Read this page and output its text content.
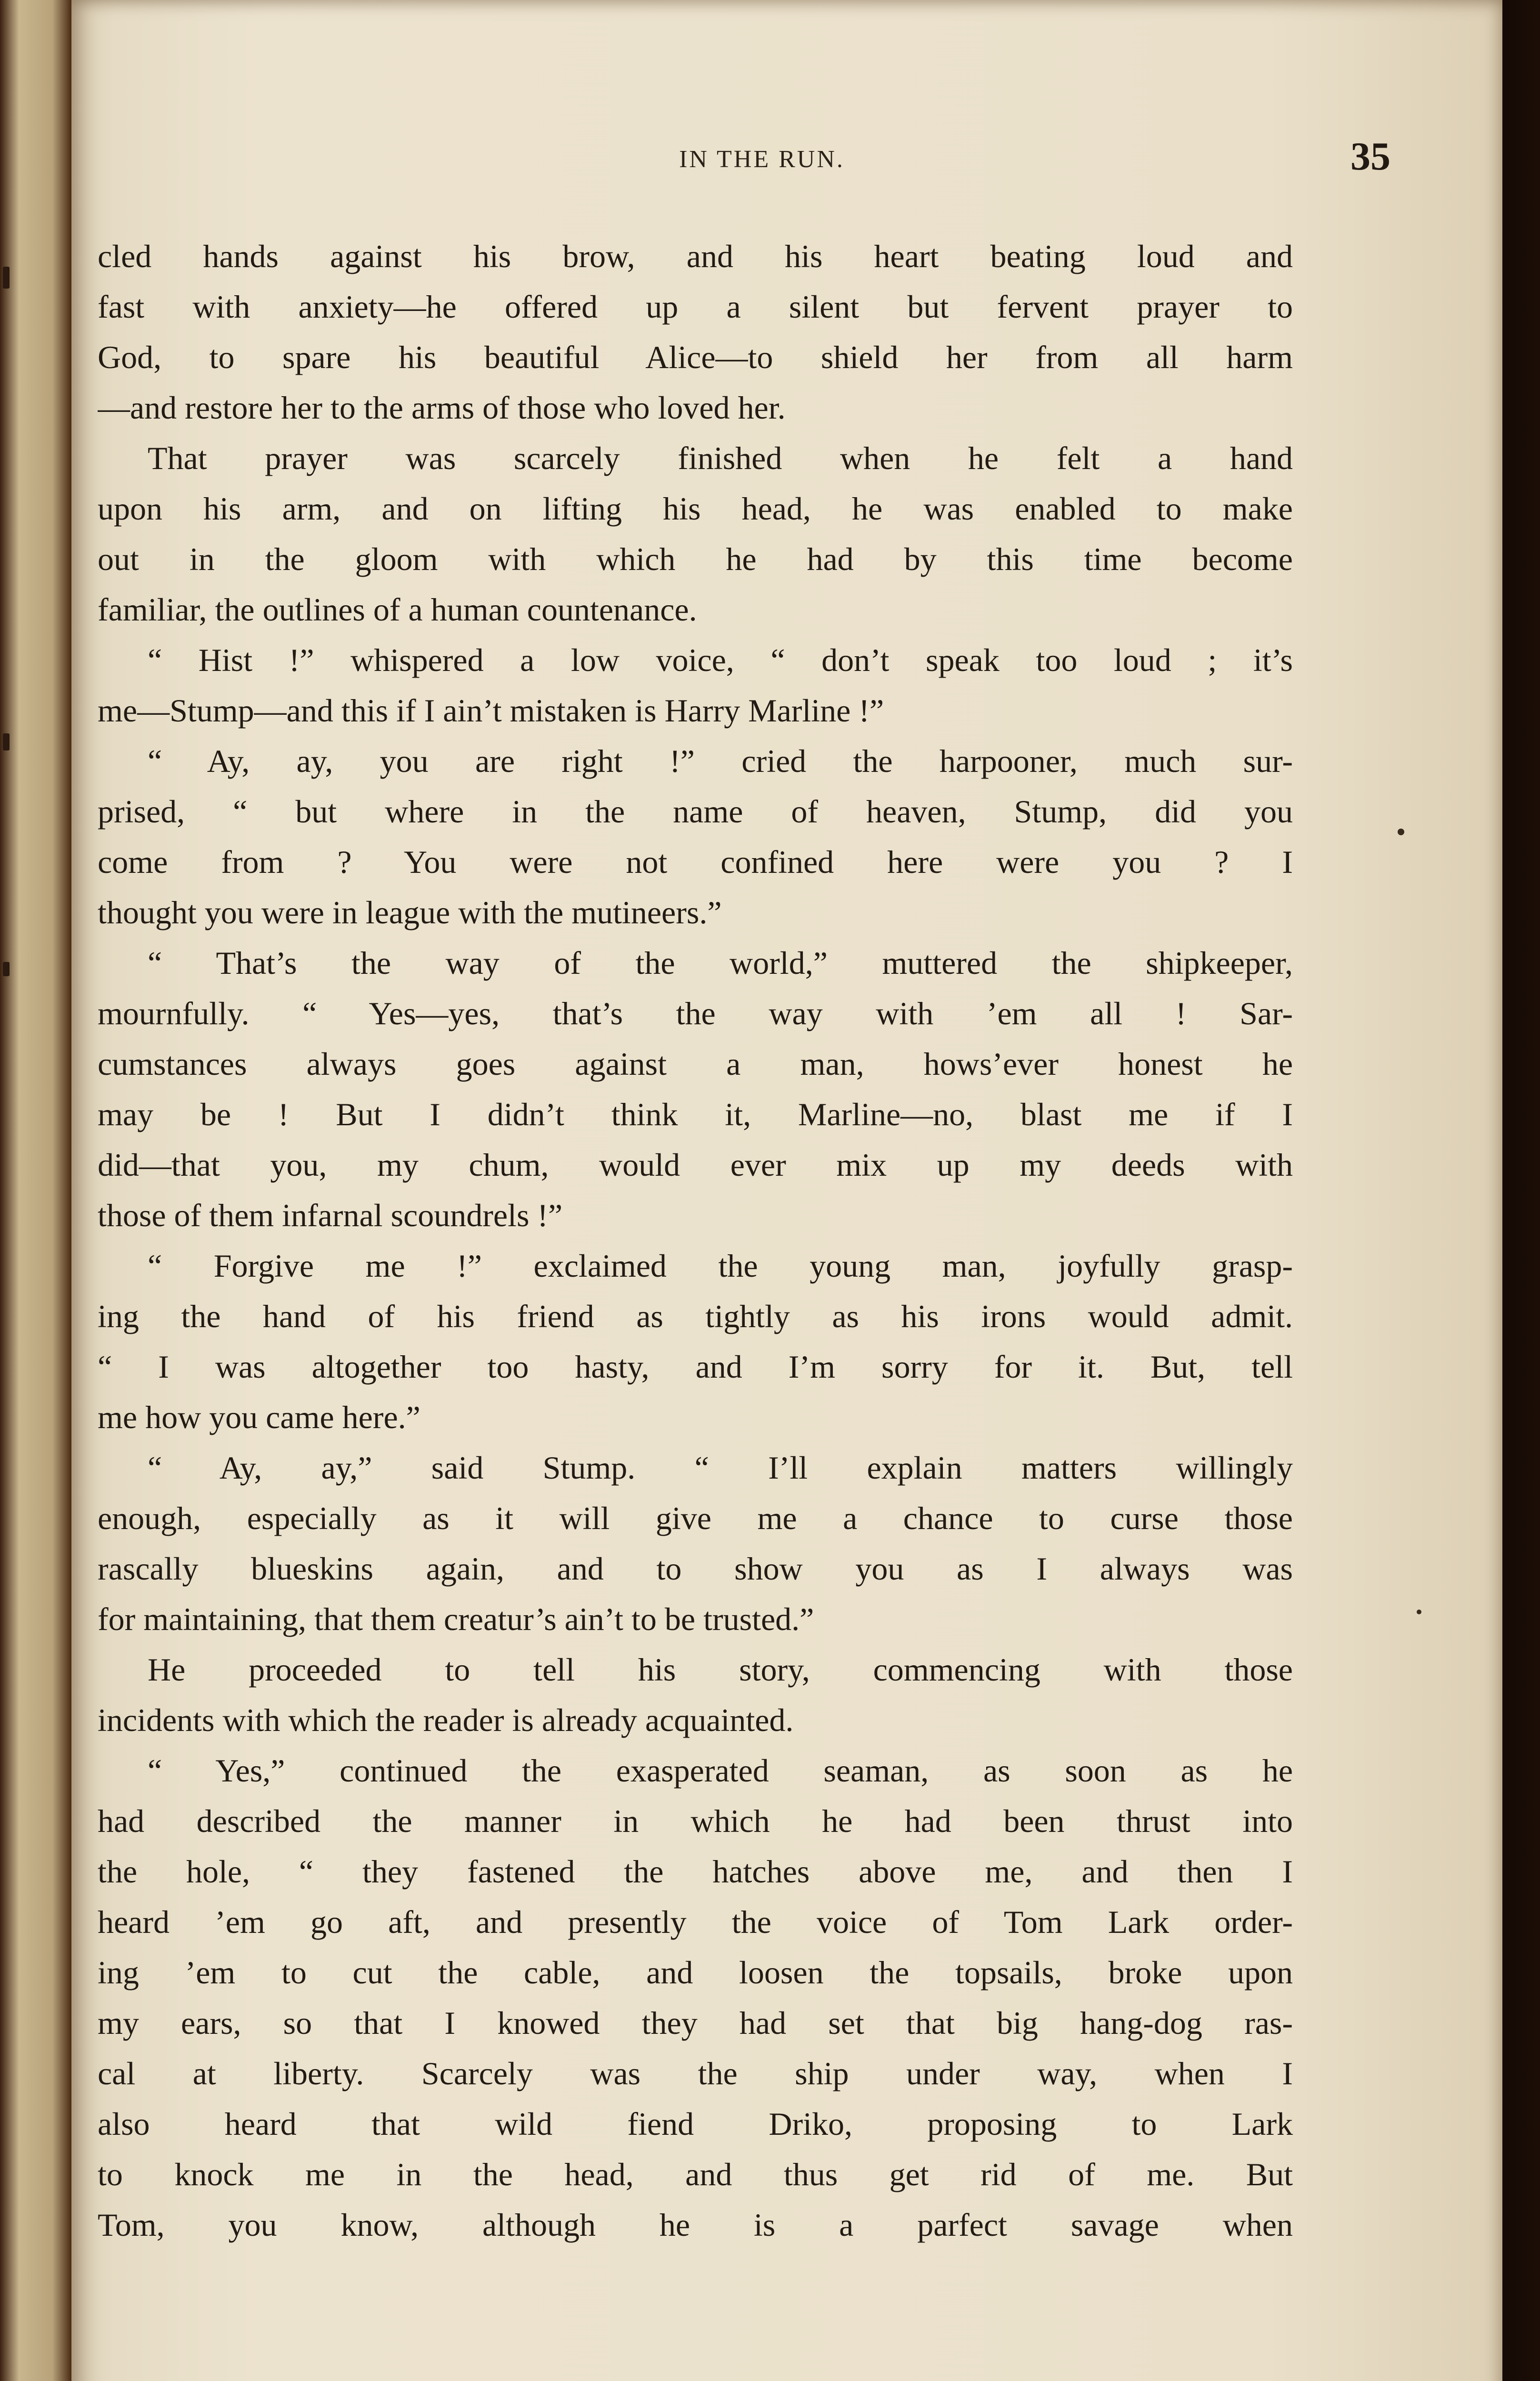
IN THE RUN.	35
cled hands against his brow, and his heart beating loud and
fast with anxiety—he offered up a silent but fervent prayer to
God, to spare his beautiful Alice—to shield her from all harm
—and restore her to the arms of those who loved her.
That prayer was scarcely finished when he felt a hand
upon his arm, and on lifting his head, he was enabled to make
out in the gloom with which he had by this time become
familiar, the outlines of a human countenance.
“ Hist !” whispered a low voice, “ don’t speak too loud ; it’s
me—Stump—and this if I ain’t mistaken is Harry Marline !”
“ Ay, ay, you are right !” cried the harpooner, much sur-
prised, “ but where in the name of heaven, Stump, did you
come from ? You were not confined here were you ? I
thought you were in league with the mutineers.”
“ That’s the way of the world,” muttered the shipkeeper,
mournfully. “ Yes—yes, that’s the way with ’em all ! Sar-
cumstances always goes against a man, hows’ever honest he
may be ! But I didn’t think it, Marline—no, blast me if I
did—that you, my chum, would ever mix up my deeds with
those of them infarnal scoundrels !”
“ Forgive me !” exclaimed the young man, joyfully grasp-
ing the hand of his friend as tightly as his irons would admit.
“ I was altogether too hasty, and I’m sorry for it. But, tell
me how you came here.”
“ Ay, ay,” said Stump. “ I’ll explain matters willingly
enough, especially as it will give me a chance to curse those
rascally blueskins again, and to show you as I always was
for maintaining, that them creatur’s ain’t to be trusted.”
He proceeded to tell his story, commencing with those
incidents with which the reader is already acquainted.
“ Yes,” continued the exasperated seaman, as soon as he
had described the manner in which he had been thrust into
the hole, “ they fastened the hatches above me, and then I
heard ’em go aft, and presently the voice of Tom Lark order-
ing ’em to cut the cable, and loosen the topsails, broke upon
my ears, so that I knowed they had set that big hang-dog ras-
cal at liberty. Scarcely was the ship under way, when I
also heard that wild fiend Driko, proposing to Lark
to knock me in the head, and thus get rid of me. But
Tom, you know, although he is a parfect savage when
